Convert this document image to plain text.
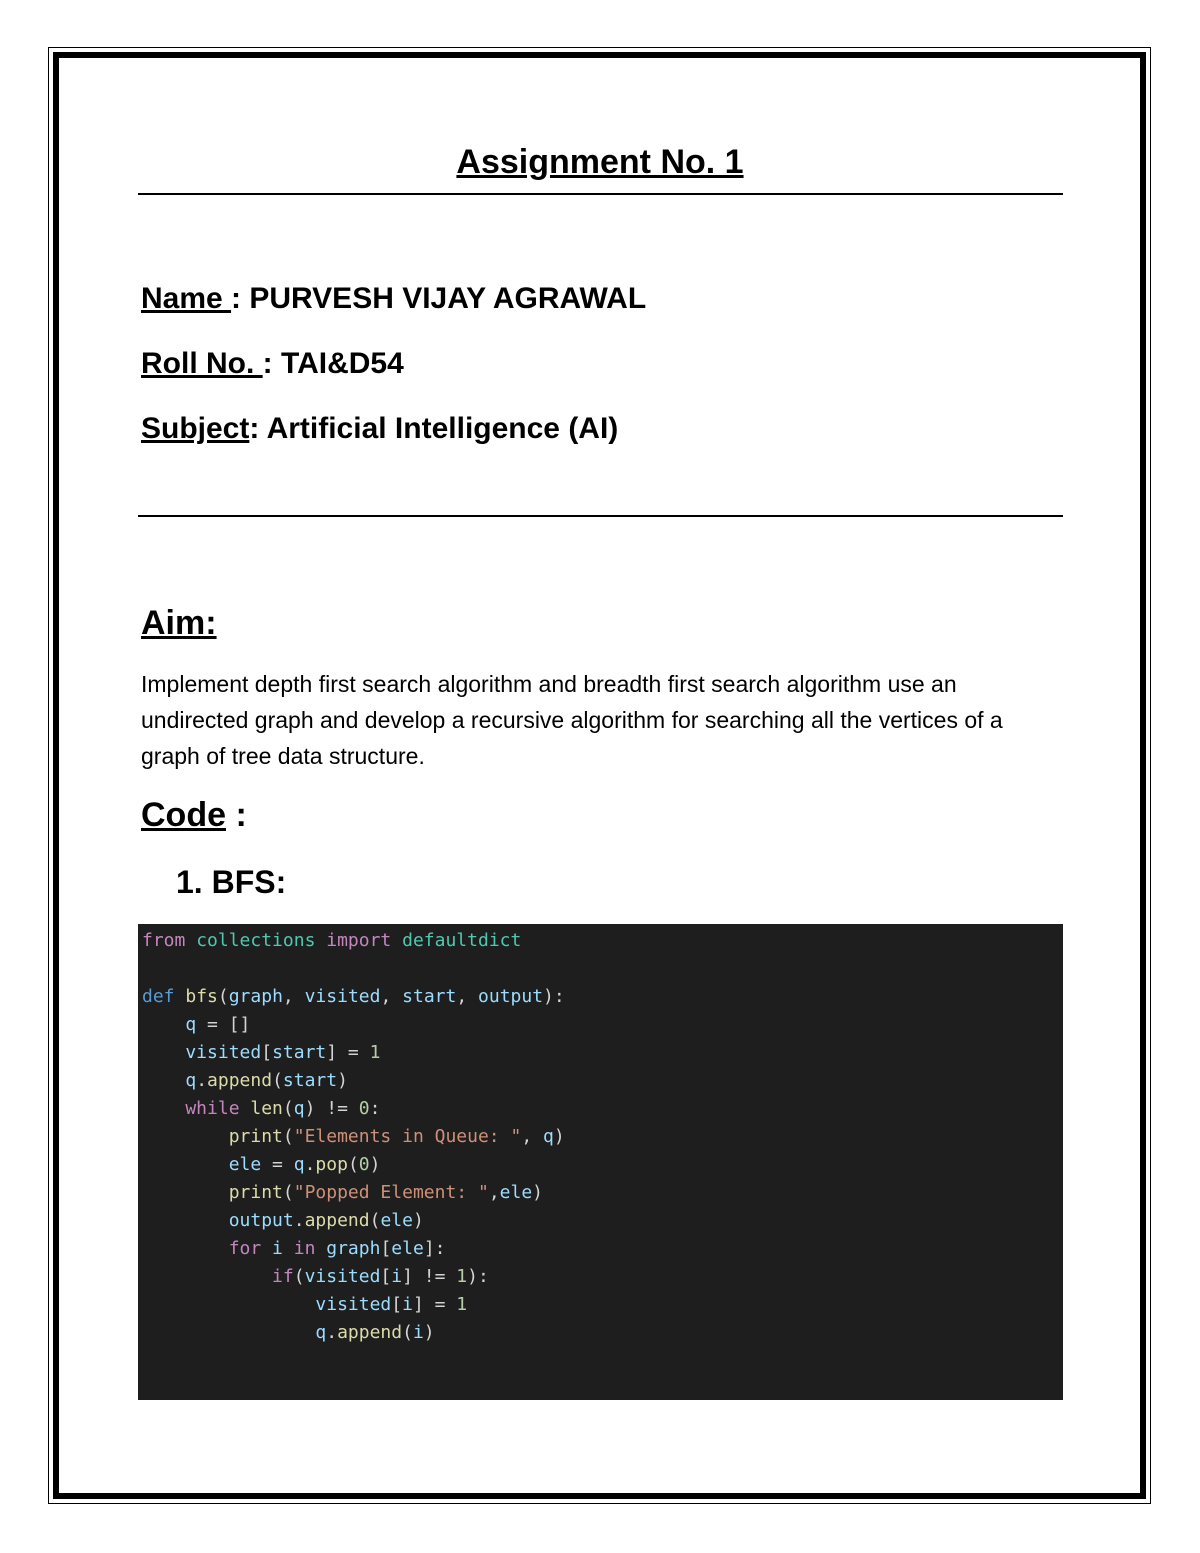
Assignment No. 1
Name : PURVESH VIJAY AGRAWAL
Roll No. : TAI&D54
Subject: Artificial Intelligence (AI)
Aim:
Implement depth first search algorithm and breadth first search algorithm use an undirected graph and develop a recursive algorithm for searching all the vertices of a graph of tree data structure.
Code :
1. BFS:
from collections import defaultdict
def bfs(graph, visited, start, output):
q = []
visited[start] = 1
q.append(start)
while len(q) != 0:
print("Elements in Queue: ", q)
ele = q.pop(0)
print("Popped Element: ",ele)
output.append(ele)
for i in graph[ele]:
if(visited[i] != 1):
visited[i] = 1
q.append(i)
